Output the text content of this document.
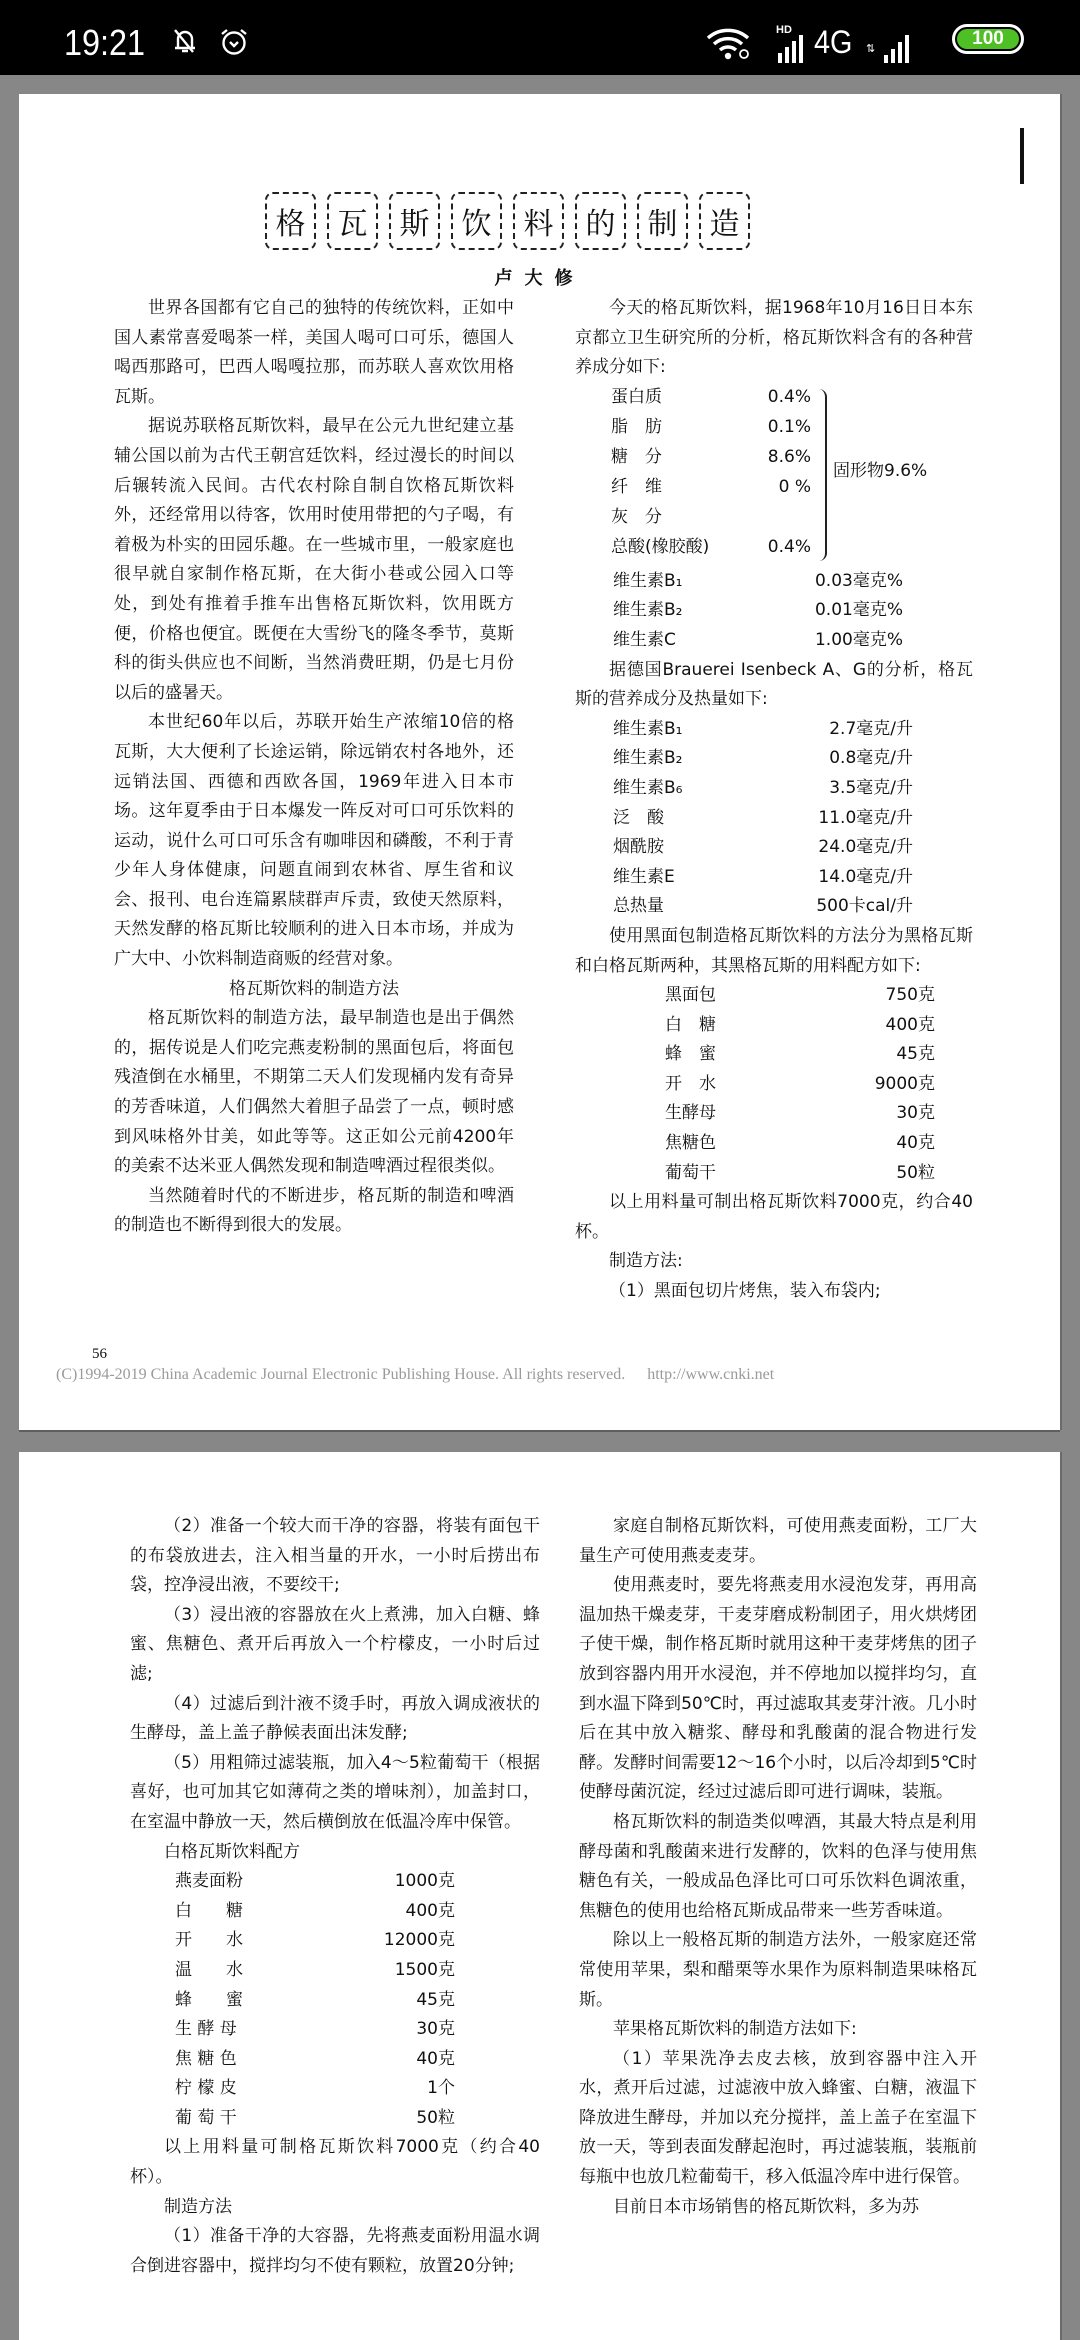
19:21	HD 4G ⇅	100
格	瓦	斯	饮	料	的	制	造
卢大修

世界各国都有它自己的独特的传统饮料，正如中国人素常喜爱喝茶一样，美国人喝可口可乐，德国人喝西那路可，巴西人喝嘎拉那，而苏联人喜欢饮用格瓦斯。

据说苏联格瓦斯饮料，最早在公元九世纪建立基辅公国以前为古代王朝宫廷饮料，经过漫长的时间以后辗转流入民间。古代农村除自制自饮格瓦斯饮料外，还经常用以待客，饮用时使用带把的勺子喝，有着极为朴实的田园乐趣。在一些城市里，一般家庭也很早就自家制作格瓦斯，在大街小巷或公园入口等处，到处有推着手推车出售格瓦斯饮料，饮用既方便，价格也便宜。既便在大雪纷飞的隆冬季节，莫斯科的街头供应也不间断，当然消费旺期，仍是七月份以后的盛暑天。

本世纪60年以后，苏联开始生产浓缩10倍的格瓦斯，大大便利了长途运销，除远销农村各地外，还远销法国、西德和西欧各国，1969年进入日本市场。这年夏季由于日本爆发一阵反对可口可乐饮料的运动，说什么可口可乐含有咖啡因和磷酸，不利于青少年人身体健康，问题直闹到农林省、厚生省和议会、报刊、电台连篇累牍群声斥责，致使天然原料，天然发酵的格瓦斯比较顺利的进入日本市场，并成为广大中、小饮料制造商贩的经营对象。

格瓦斯饮料的制造方法

格瓦斯饮料的制造方法，最早制造也是出于偶然的，据传说是人们吃完燕麦粉制的黑面包后，将面包残渣倒在水桶里，不期第二天人们发现桶内发有奇异的芳香味道，人们偶然大着胆子品尝了一点，顿时感到风味格外甘美，如此等等。这正如公元前4200年的美索不达米亚人偶然发现和制造啤酒过程很类似。

当然随着时代的不断进步，格瓦斯的制造和啤酒的制造也不断得到很大的发展。

今天的格瓦斯饮料，据1968年10月16日日本东京都立卫生研究所的分析，格瓦斯饮料含有的各种营养成分如下:

蛋白质	0.4%
脂　肪	0.1%
糖　分	8.6%
纤　维	0 %
灰　分
总酸(橡胶酸)	0.4%
固形物9.6%
维生素B₁	0.03毫克%
维生素B₂	0.01毫克%
维生素C	1.00毫克%

据德国Brauerei Isenbeck A、G的分析，格瓦斯的营养成分及热量如下:

维生素B₁	2.7毫克/升
维生素B₂	0.8毫克/升
维生素B₆	3.5毫克/升
泛　酸	11.0毫克/升
烟酰胺	24.0毫克/升
维生素E	14.0毫克/升
总热量	500卡cal/升

使用黑面包制造格瓦斯饮料的方法分为黑格瓦斯和白格瓦斯两种，其黑格瓦斯的用料配方如下:

黑面包	750克
白　糖	400克
蜂　蜜	45克
开　水	9000克
生酵母	30克
焦糖色	40克
葡萄干	50粒

以上用料量可制出格瓦斯饮料7000克，约合40杯。

制造方法:

（1）黑面包切片烤焦，装入布袋内;

56
(C)1994-2019 China Academic Journal Electronic Publishing House. All rights reserved. http://www.cnki.net

（2）准备一个较大而干净的容器，将装有面包干的布袋放进去，注入相当量的开水，一小时后捞出布袋，控净浸出液，不要绞干;

（3）浸出液的容器放在火上煮沸，加入白糖、蜂蜜、焦糖色、煮开后再放入一个柠檬皮，一小时后过滤;

（4）过滤后到汁液不烫手时，再放入调成液状的生酵母，盖上盖子静候表面出沫发酵;

（5）用粗筛过滤装瓶，加入4～5粒葡萄干（根据喜好，也可加其它如薄荷之类的增味剂），加盖封口，在室温中静放一天，然后横倒放在低温冷库中保管。

白格瓦斯饮料配方

燕麦面粉	1000克
白　　糖	400克
开　　水	12000克
温　　水	1500克
蜂　　蜜	45克
生 酵 母	30克
焦 糖 色	40克
柠 檬 皮	1个
葡 萄 干	50粒

以上用料量可制格瓦斯饮料7000克（约合40杯）。

制造方法

（1）准备干净的大容器，先将燕麦面粉用温水调合倒进容器中，搅拌均匀不使有颗粒，放置20分钟;

家庭自制格瓦斯饮料，可使用燕麦面粉，工厂大量生产可使用燕麦麦芽。

使用燕麦时，要先将燕麦用水浸泡发芽，再用高温加热干燥麦芽，干麦芽磨成粉制团子，用火烘烤团子使干燥，制作格瓦斯时就用这种干麦芽烤焦的团子放到容器内用开水浸泡，并不停地加以搅拌均匀，直到水温下降到50℃时，再过滤取其麦芽汁液。几小时后在其中放入糖浆、酵母和乳酸菌的混合物进行发酵。发酵时间需要12～16个小时，以后冷却到5℃时使酵母菌沉淀，经过过滤后即可进行调味，装瓶。

格瓦斯饮料的制造类似啤酒，其最大特点是利用酵母菌和乳酸菌来进行发酵的，饮料的色泽与使用焦糖色有关，一般成品色泽比可口可乐饮料色调浓重，焦糖色的使用也给格瓦斯成品带来一些芳香味道。

除以上一般格瓦斯的制造方法外，一般家庭还常常使用苹果，梨和醋栗等水果作为原料制造果味格瓦斯。

苹果格瓦斯饮料的制造方法如下:

（1）苹果洗净去皮去核，放到容器中注入开水，煮开后过滤，过滤液中放入蜂蜜、白糖，液温下降放进生酵母，并加以充分搅拌，盖上盖子在室温下放一天，等到表面发酵起泡时，再过滤装瓶，装瓶前每瓶中也放几粒葡萄干，移入低温冷库中进行保管。

目前日本市场销售的格瓦斯饮料，多为苏
